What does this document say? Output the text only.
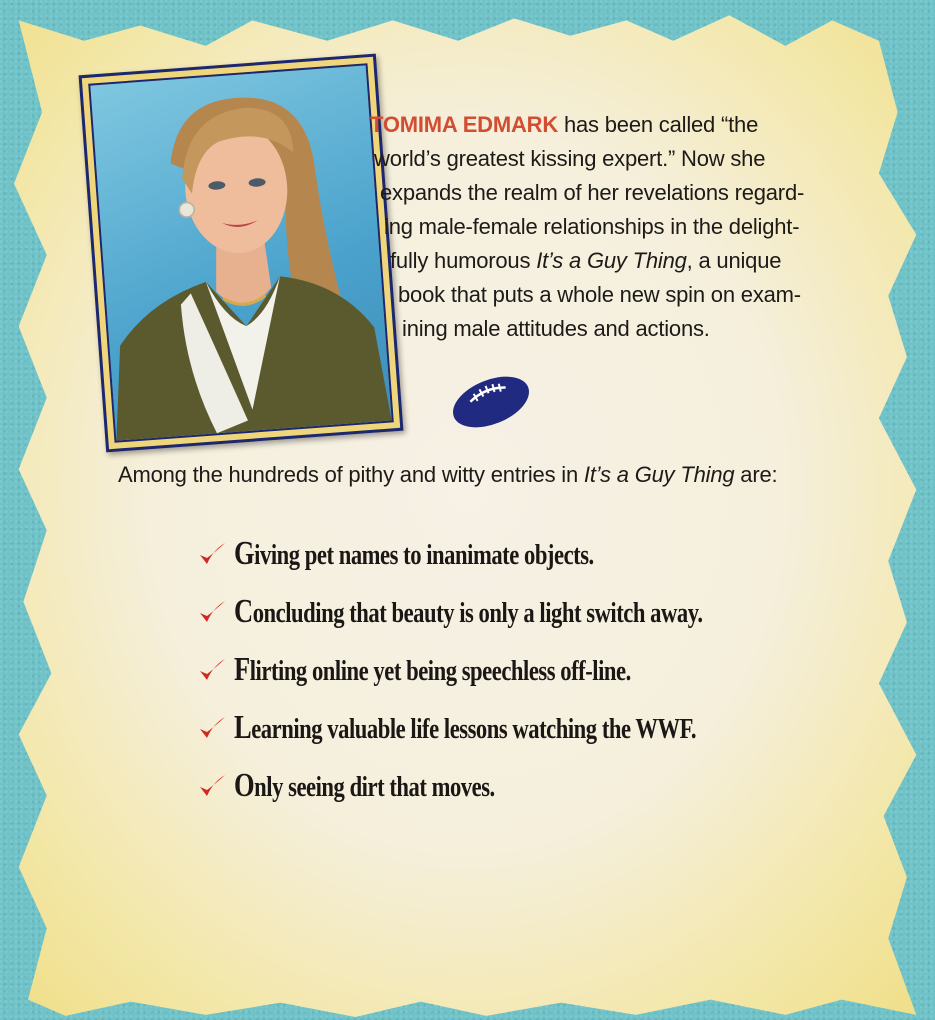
TOMIMA EDMARK has been called “the
world’s greatest kissing expert.” Now she
expands the realm of her revelations regard-
ing male-female relationships in the delight-
fully humorous It’s a Guy Thing, a unique
book that puts a whole new spin on exam-
ining male attitudes and actions.
Among the hundreds of pithy and witty entries in It’s a Guy Thing are:
Giving pet names to inanimate objects.
Concluding that beauty is only a light switch away.
Flirting online yet being speechless off-line.
Learning valuable life lessons watching the WWF.
Only seeing dirt that moves.
